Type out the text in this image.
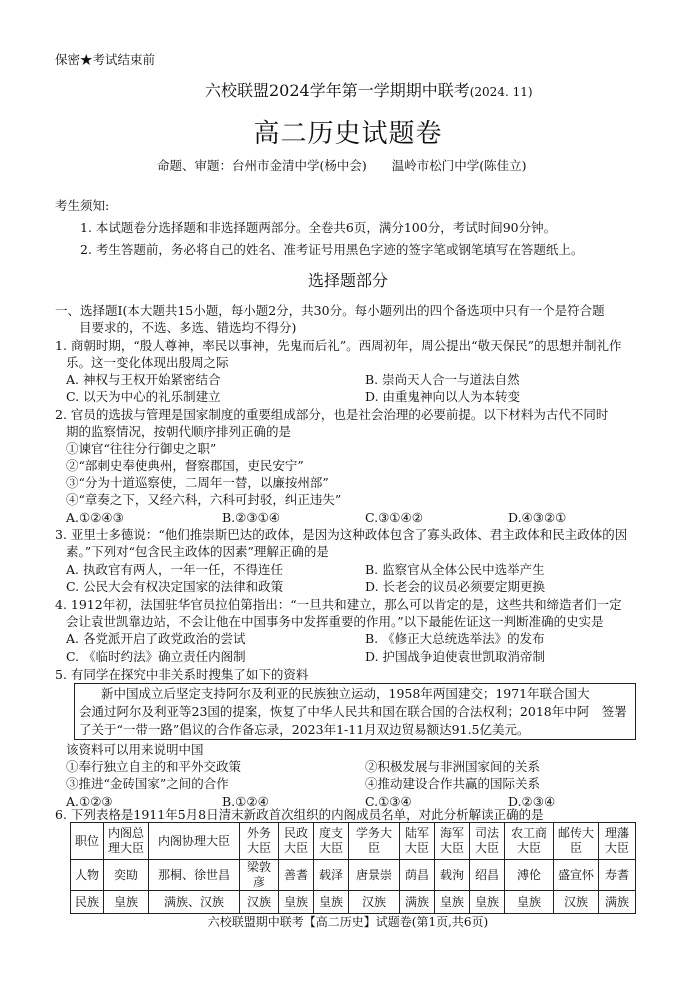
保密★考试结束前
六校联盟2024学年第一学期期中联考(2024. 11)
高二历史试题卷
命题、审题：台州市金清中学(杨中会)　　温岭市松门中学(陈佳立)
考生须知:
1. 本试题卷分选择题和非选择题两部分。全卷共6页，满分100分，考试时间90分钟。
2. 考生答题前，务必将自己的姓名、准考证号用黑色字迹的签字笔或钢笔填写在答题纸上。
选择题部分
一、选择题Ⅰ(本大题共15小题，每小题2分，共30分。每小题列出的四个备选项中只有一个是符合题
目要求的，不选、多选、错选均不得分)
1. 商朝时期，“殷人尊神，率民以事神，先鬼而后礼”。西周初年，周公提出“敬天保民”的思想并制礼作
乐。这一变化体现出殷周之际
A. 神权与王权开始紧密结合	B. 崇尚天人合一与道法自然
C. 以天为中心的礼乐制建立	D. 由重鬼神向以人为本转变
2. 官员的选拔与管理是国家制度的重要组成部分，也是社会治理的必要前提。以下材料为古代不同时
期的监察情况，按朝代顺序排列正确的是
①谏官“往往分行御史之职”
②“部刺史奉使典州，督察郡国，吏民安宁”
③“分为十道巡察使，二周年一替，以廉按州部”
④“章奏之下，又经六科，六科可封驳，纠正违失”
A.①②④③	B.②③①④	C.③①④②	D.④③②①
3. 亚里士多德说：“他们推崇斯巴达的政体，是因为这种政体包含了寡头政体、君主政体和民主政体的因
素。”下列对“包含民主政体的因素”理解正确的是
A. 执政官有两人，一年一任，不得连任	B. 监察官从全体公民中选举产生
C. 公民大会有权决定国家的法律和政策	D. 长老会的议员必须要定期更换
4. 1912年初，法国驻华官员拉伯第指出：“一旦共和建立，那么可以肯定的是，这些共和缔造者们一定
会让袁世凯靠边站，不会让他在中国事务中发挥重要的作用。”以下最能佐证这一判断准确的史实是
A. 各党派开启了政党政治的尝试	B. 《修正大总统选举法》的发布
C. 《临时约法》确立责任内阁制	D. 护国战争迫使袁世凯取消帝制
5. 有同学在探究中非关系时搜集了如下的资料
新中国成立后坚定支持阿尔及利亚的民族独立运动，1958年两国建交；1971年联合国大
会通过阿尔及利亚等23国的提案，恢复了中华人民共和国在联合国的合法权利；2018年中阿　签署
了关于“一带一路”倡议的合作备忘录，2023年1-11月双边贸易额达91.5亿美元。
该资料可以用来说明中国
①奉行独立自主的和平外交政策	②积极发展与非洲国家间的关系
③推进“金砖国家”之间的合作	④推动建设合作共赢的国际关系
A.①②③	B.①②④	C.①③④	D.②③④
6. 下列表格是1911年5月8日清末新政首次组织的内阁成员名单，对此分析解读正确的是
职位	内阁总理大臣	内阁协理大臣	外务大臣	民政大臣	度支大臣	学务大臣	陆军大臣	海军大臣	司法大臣	农工商大臣	邮传大臣	理藩大臣
人物	奕劻	那桐、徐世昌	梁敦彦	善耆	载泽	唐景崇	荫昌	载洵	绍昌	溥伦	盛宣怀	寿耆
民族	皇族	满族、汉族	汉族	皇族	皇族	汉族	满族	皇族	皇族	皇族	汉族	满族
六校联盟期中联考【高二历史】试题卷(第1页,共6页)
